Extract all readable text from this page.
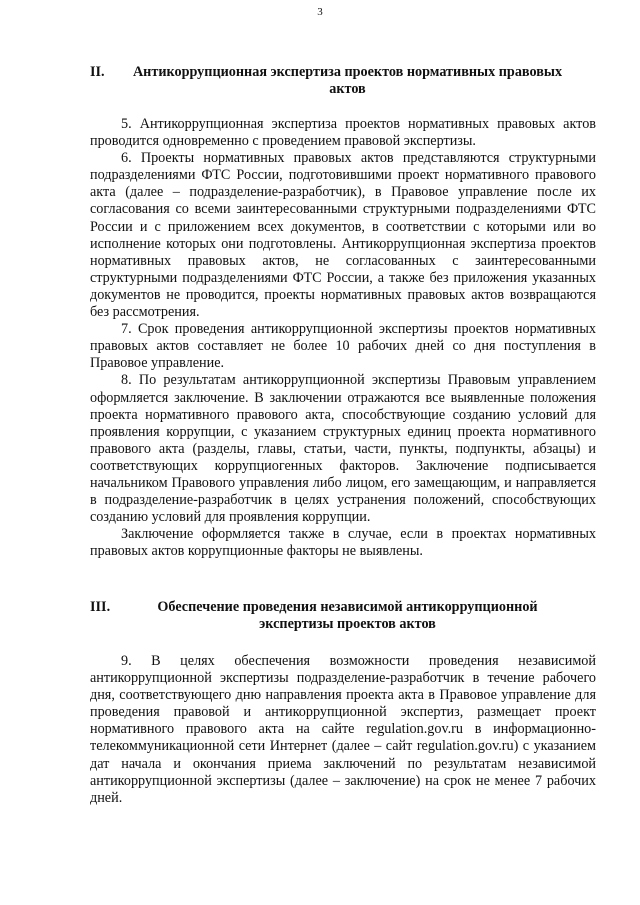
3
II. Антикоррупционная экспертиза проектов нормативных правовых
актов

5. Антикоррупционная экспертиза проектов нормативных правовых актов проводится одновременно с проведением правовой экспертизы.

6. Проекты нормативных правовых актов представляются структурными подразделениями ФТС России, подготовившими проект нормативного правового акта (далее – подразделение-разработчик), в Правовое управление после их согласования со всеми заинтересованными структурными подразделениями ФТС России и с приложением всех документов, в соответствии с которыми или во исполнение которых они подготовлены. Антикоррупционная экспертиза проектов нормативных правовых актов, не согласованных с заинтересованными структурными подразделениями ФТС России, а также без приложения указанных документов не проводится, проекты нормативных правовых актов возвращаются без рассмотрения.

7. Срок проведения антикоррупционной экспертизы проектов нормативных правовых актов составляет не более 10 рабочих дней со дня поступления в Правовое управление.

8. По результатам антикоррупционной экспертизы Правовым управлением оформляется заключение. В заключении отражаются все выявленные положения проекта нормативного правового акта, способствующие созданию условий для проявления коррупции, с указанием структурных единиц проекта нормативного правового акта (разделы, главы, статьи, части, пункты, подпункты, абзацы) и соответствующих коррупциогенных факторов. Заключение подписывается начальником Правового управления либо лицом, его замещающим, и направляется в подразделение-разработчик в целях устранения положений, способствующих созданию условий для проявления коррупции.

Заключение оформляется также в случае, если в проектах нормативных правовых актов коррупционные факторы не выявлены.

III.	Обеспечение проведения независимой антикоррупционной
экспертизы проектов актов

9. В целях обеспечения возможности проведения независимой антикоррупционной экспертизы подразделение-разработчик в течение рабочего дня, соответствующего дню направления проекта акта в Правовое управление для проведения правовой и антикоррупционной экспертиз, размещает проект нормативного правового акта на сайте regulation.gov.ru в информационно-телекоммуникационной сети Интернет (далее – сайт regulation.gov.ru) с указанием дат начала и окончания приема заключений по результатам независимой антикоррупционной экспертизы (далее – заключение) на срок не менее 7 рабочих дней.
